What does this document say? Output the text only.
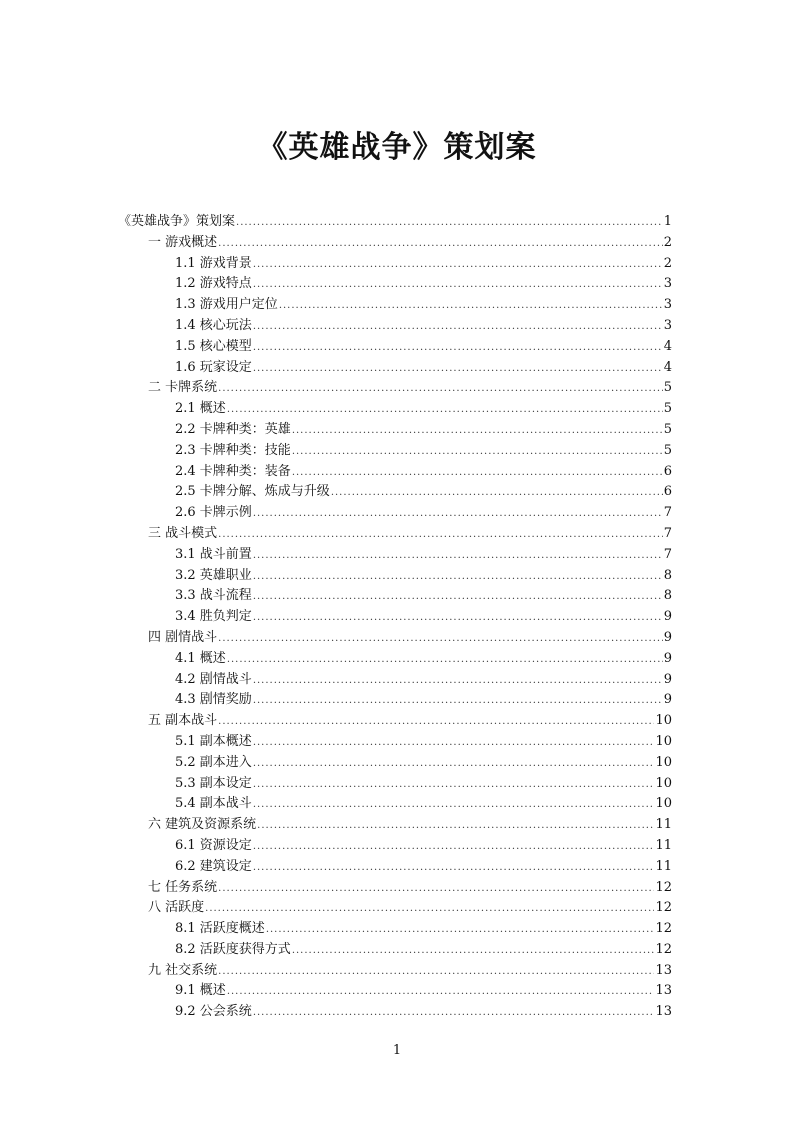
《英雄战争》策划案
《英雄战争》策划案 .....	1
一 游戏概述 .....	2
1.1 游戏背景 .....	2
1.2 游戏特点 .....	3
1.3 游戏用户定位 .....	3
1.4 核心玩法 .....	3
1.5 核心模型 .....	4
1.6 玩家设定 .....	4
二 卡牌系统 .....	5
2.1 概述 .....	5
2.2 卡牌种类：英雄 .....	5
2.3 卡牌种类：技能 .....	5
2.4 卡牌种类：装备 .....	6
2.5 卡牌分解、炼成与升级 .....	6
2.6 卡牌示例 .....	7
三 战斗模式 .....	7
3.1 战斗前置 .....	7
3.2 英雄职业 .....	8
3.3 战斗流程 .....	8
3.4 胜负判定 .....	9
四 剧情战斗 .....	9
4.1 概述 .....	9
4.2 剧情战斗 .....	9
4.3 剧情奖励 .....	9
五 副本战斗 .....	10
5.1 副本概述 .....	10
5.2 副本进入 .....	10
5.3 副本设定 .....	10
5.4 副本战斗 .....	10
六 建筑及资源系统 .....	11
6.1 资源设定 .....	11
6.2 建筑设定 .....	11
七 任务系统 .....	12
八 活跃度 .....	12
8.1 活跃度概述 .....	12
8.2 活跃度获得方式 .....	12
九 社交系统 .....	13
9.1 概述 .....	13
9.2 公会系统 .....	13
1
